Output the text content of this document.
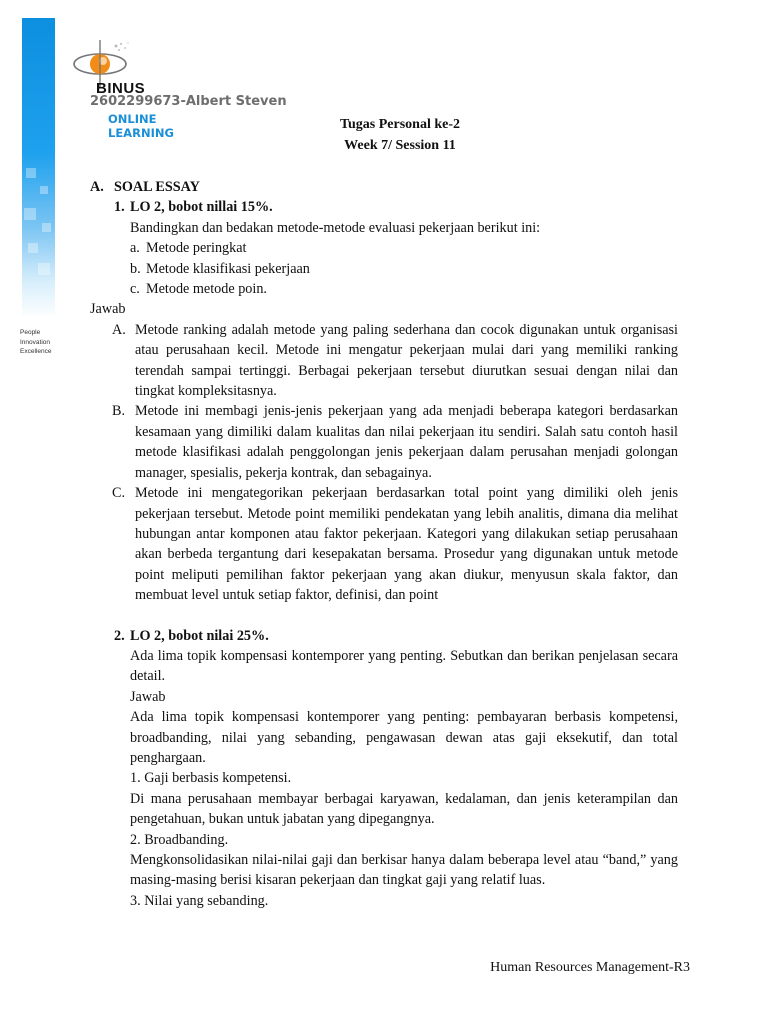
People
Innovation
Excellence
BINUS
2602299673-Albert Steven
ONLINE
LEARNING
Tugas Personal ke-2
Week 7/ Session 11
A. SOAL ESSAY
1. LO 2, bobot nillai 15%.
Bandingkan dan bedakan metode-metode evaluasi pekerjaan berikut ini:
a. Metode peringkat
b. Metode klasifikasi pekerjaan
c. Metode metode poin.
Jawab
A. Metode ranking adalah metode yang paling sederhana dan cocok digunakan untuk organisasi atau perusahaan kecil. Metode ini mengatur pekerjaan mulai dari yang memiliki ranking terendah sampai tertinggi. Berbagai pekerjaan tersebut diurutkan sesuai dengan nilai dan tingkat kompleksitasnya.
B. Metode ini membagi jenis-jenis pekerjaan yang ada menjadi beberapa kategori berdasarkan kesamaan yang dimiliki dalam kualitas dan nilai pekerjaan itu sendiri. Salah satu contoh hasil metode klasifikasi adalah penggolongan jenis pekerjaan dalam perusahan menjadi golongan manager, spesialis, pekerja kontrak, dan sebagainya.
C. Metode ini mengategorikan pekerjaan berdasarkan total point yang dimiliki oleh jenis pekerjaan tersebut. Metode point memiliki pendekatan yang lebih analitis, dimana dia melihat hubungan antar komponen atau faktor pekerjaan. Kategori yang dilakukan setiap perusahaan akan berbeda tergantung dari kesepakatan bersama. Prosedur yang digunakan untuk metode point meliputi pemilihan faktor pekerjaan yang akan diukur, menyusun skala faktor, dan membuat level untuk setiap faktor, definisi, dan point
2. LO 2, bobot nilai 25%.
Ada lima topik kompensasi kontemporer yang penting. Sebutkan dan berikan penjelasan secara detail.
Jawab
Ada lima topik kompensasi kontemporer yang penting: pembayaran berbasis kompetensi, broadbanding, nilai yang sebanding, pengawasan dewan atas gaji eksekutif, dan total penghargaan.
1. Gaji berbasis kompetensi.
Di mana perusahaan membayar berbagai karyawan, kedalaman, dan jenis keterampilan dan pengetahuan, bukan untuk jabatan yang dipegangnya.
2. Broadbanding.
Mengkonsolidasikan nilai-nilai gaji dan berkisar hanya dalam beberapa level atau “band,” yang masing-masing berisi kisaran pekerjaan dan tingkat gaji yang relatif luas.
3. Nilai yang sebanding.
Human Resources Management-R3
